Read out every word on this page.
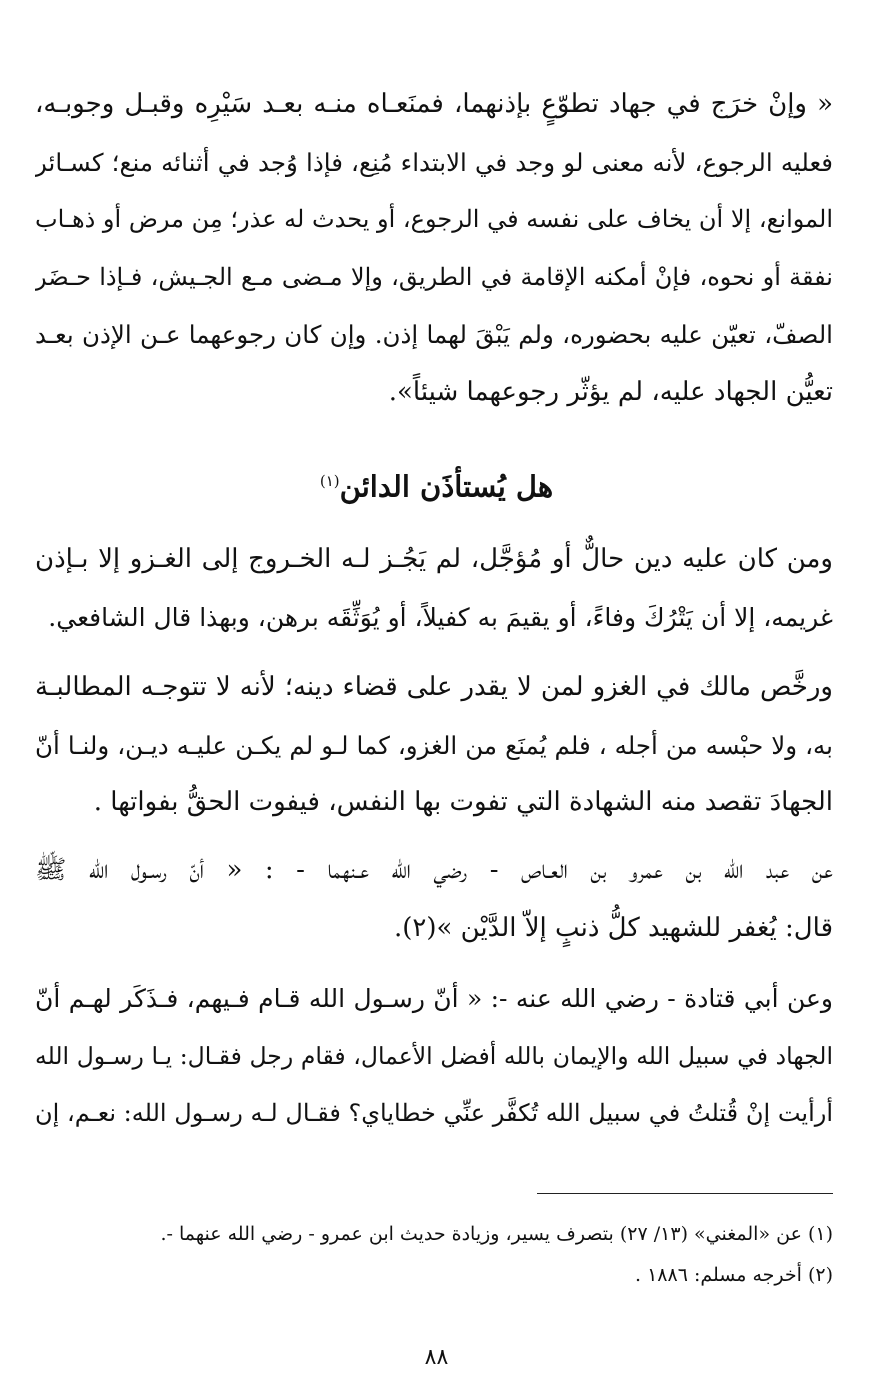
« وإنْ خرَج في جهاد تطوّعٍ بإذنهما، فمنَعـاه منـه بعـد سَيْرِه وقبـل وجوبـه،
فعليه الرجوع، لأنه معنى لو وجد في الابتداء مُنِع، فإذا وُجد في أثنائه منع؛ كسـائر
الموانع، إلا أن يخاف على نفسه في الرجوع، أو يحدث له عذر؛ مِن مرض أو ذهـاب
نفقة أو نحوه، فإنْ أمكنه الإقامة في الطريق، وإلا مـضى مـع الجـيش، فـإذا حـضَر
الصفّ، تعيّن عليه بحضوره، ولم يَبْقَ لهما إذن. وإن كان رجوعهما عـن الإذن بعـد
تعيُّن الجهاد عليه، لم يؤثّر رجوعهما شيئاً».
هل يُستأذَن الدائن$^{(١)}$
ومن كان عليه دين حالٌّ أو مُؤجَّل، لم يَجُـز لـه الخـروج إلى الغـزو إلا بـإذن
غريمه، إلا أن يَتْرُكَ وفاءً، أو يقيمَ به كفيلاً، أو يُوَثِّقَه برهن، وبهذا قال الشافعي.
ورخَّص مالك في الغزو لمن لا يقدر على قضاء دينه؛ لأنه لا تتوجـه المطالبـة
به، ولا حبْسه من أجله ، فلم يُمنَع من الغزو، كما لـو لم يكـن عليـه ديـن، ولنـا أنّ
الجهادَ تقصد منه الشهادة التي تفوت بها النفس، فيفوت الحقُّ بفواتها .
عن عبد الله بن عمرو بن العـاص - رضي الله عـنهما - : « أنّ رسـول الله ﷺ
قال: يُغفر للشهيد كلُّ ذنبٍ إلاّ الدَّيْن »(٢).
وعن أبي قتادة - رضي الله عنه -: « أنّ رسـول الله قـام فـيهم، فـذَكَر لهـم أنّ
الجهاد في سبيل الله والإيمان بالله أفضل الأعمال، فقام رجل فقـال: يـا رسـول الله
أرأيت إنْ قُتلتُ في سبيل الله تُكفَّر عنِّي خطاياي؟ فقـال لـه رسـول الله: نعـم، إن
(١) عن «المغني» (١٣/ ٢٧) بتصرف يسير، وزيادة حديث ابن عمرو - رضي الله عنهما -.
(٢) أخرجه مسلم: ١٨٨٦ .
٨٨
